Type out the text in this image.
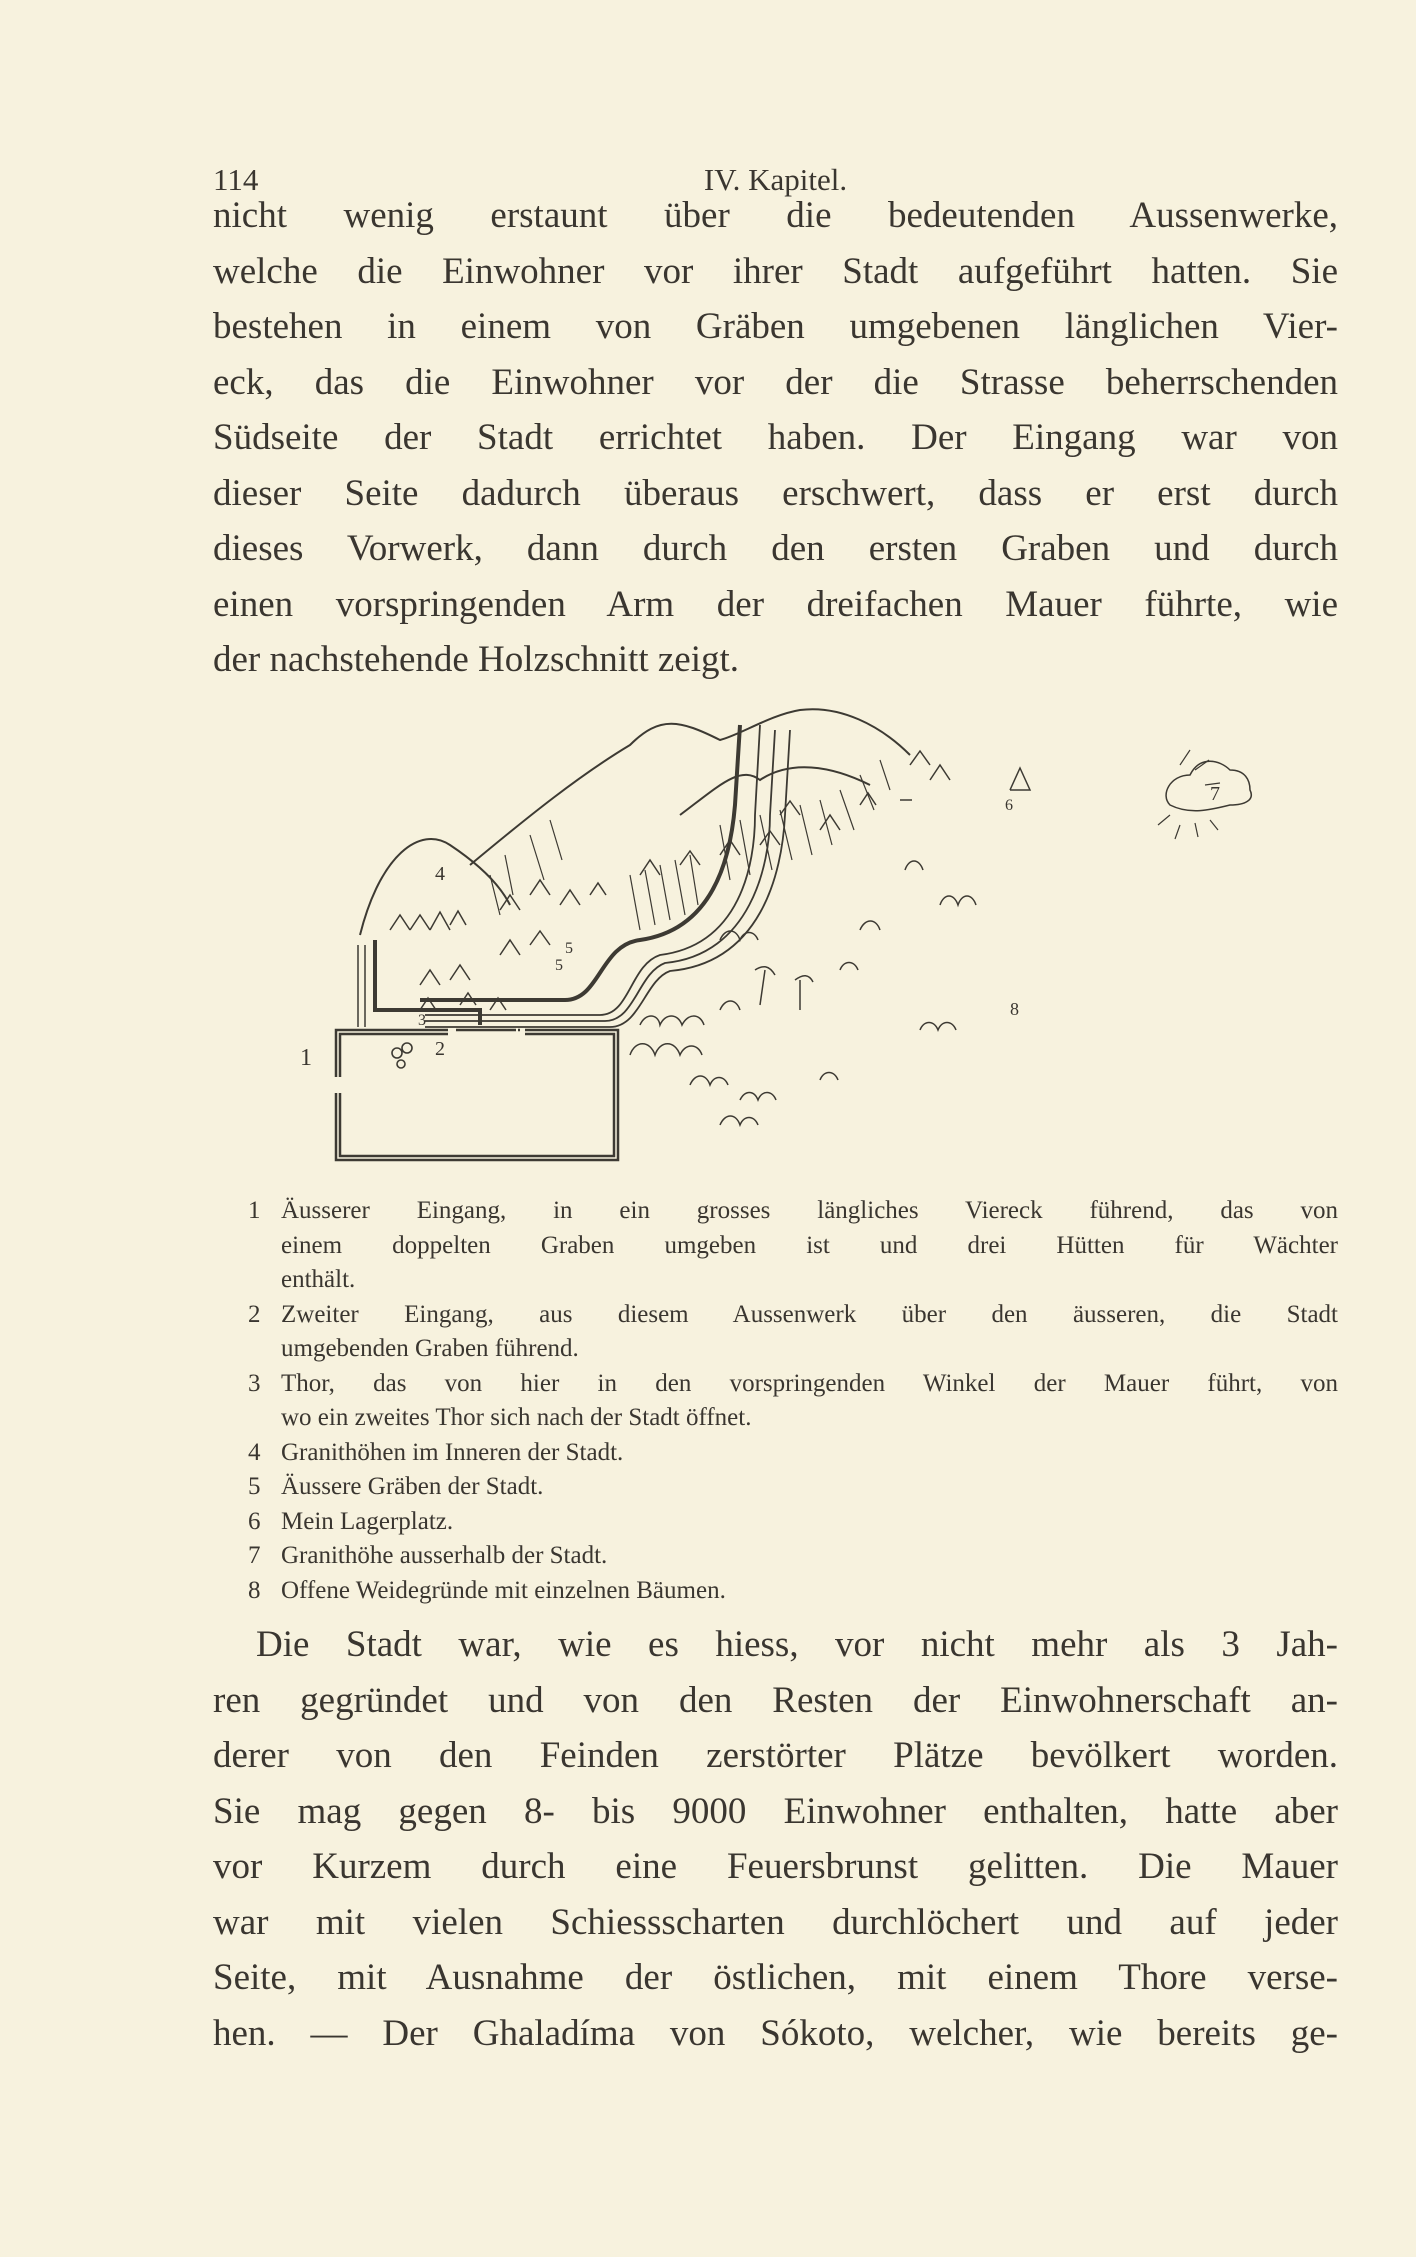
114	IV. Kapitel.
nicht wenig erstaunt über die bedeutenden Aussenwerke,
welche die Einwohner vor ihrer Stadt aufgeführt hatten. Sie
bestehen in einem von Gräben umgebenen länglichen Vier-
eck, das die Einwohner vor der die Strasse beherrschenden
Südseite der Stadt errichtet haben. Der Eingang war von
dieser Seite dadurch überaus erschwert, dass er erst durch
dieses Vorwerk, dann durch den ersten Graben und durch
einen vorspringenden Arm der dreifachen Mauer führte, wie
der nachstehende Holzschnitt zeigt.
1	2
3
4
5
5
6
7
8
1 Äusserer Eingang, in ein grosses längliches Viereck führend, das von
einem doppelten Graben umgeben ist und drei Hütten für Wächter
enthält.
2 Zweiter Eingang, aus diesem Aussenwerk über den äusseren, die Stadt
umgebenden Graben führend.
3 Thor, das von hier in den vorspringenden Winkel der Mauer führt, von
wo ein zweites Thor sich nach der Stadt öffnet.
4 Granithöhen im Inneren der Stadt.
5 Äussere Gräben der Stadt.
6 Mein Lagerplatz.
7 Granithöhe ausserhalb der Stadt.
8 Offene Weidegründe mit einzelnen Bäumen.
Die Stadt war, wie es hiess, vor nicht mehr als 3 Jah-
ren gegründet und von den Resten der Einwohnerschaft an-
derer von den Feinden zerstörter Plätze bevölkert worden.
Sie mag gegen 8- bis 9000 Einwohner enthalten, hatte aber
vor Kurzem durch eine Feuersbrunst gelitten. Die Mauer
war mit vielen Schiessscharten durchlöchert und auf jeder
Seite, mit Ausnahme der östlichen, mit einem Thore verse-
hen. — Der Ghaladíma von Sókoto, welcher, wie bereits ge-
